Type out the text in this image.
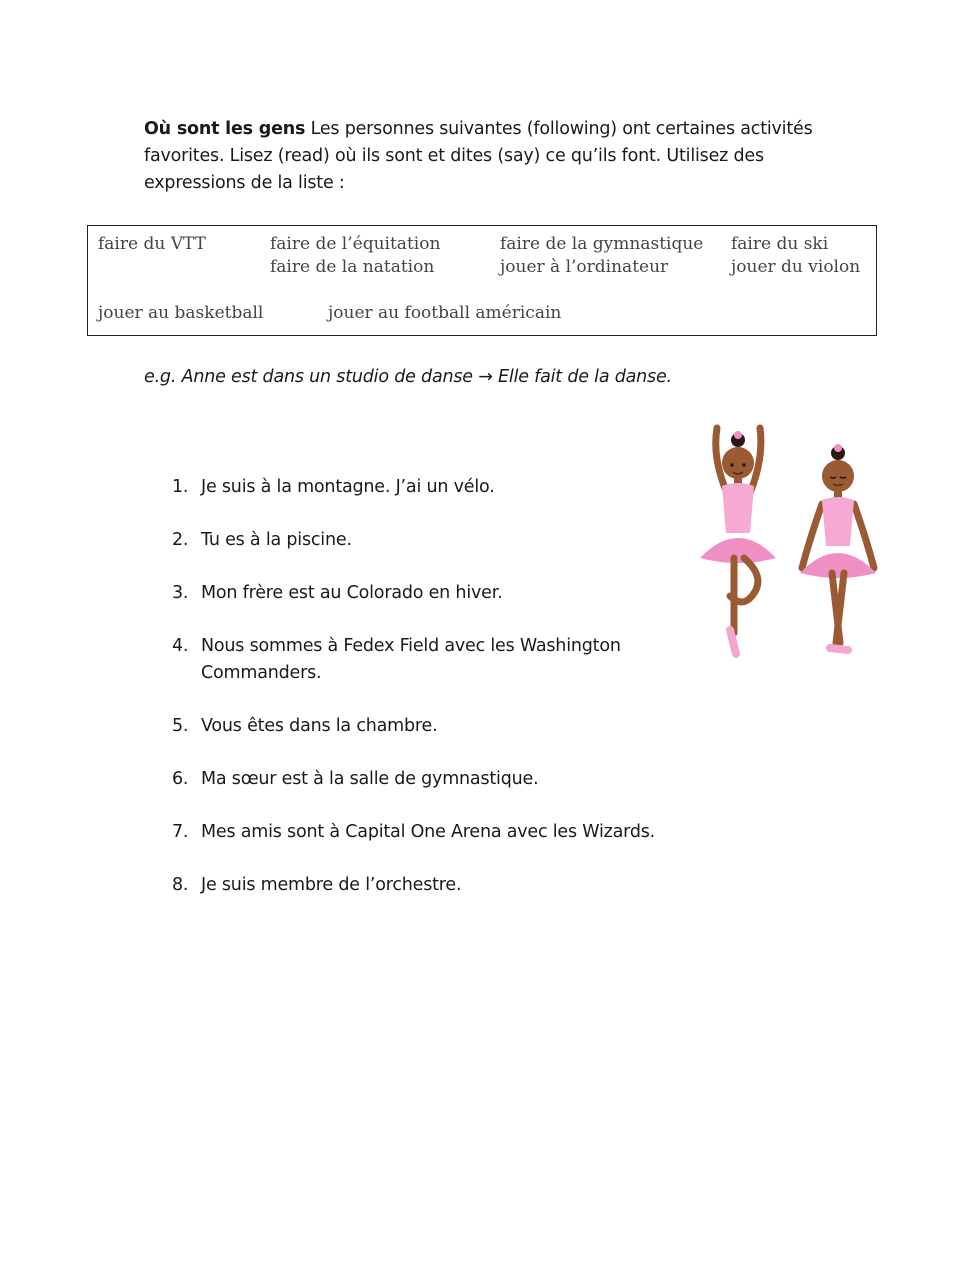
Où sont les gens Les personnes suivantes (following) ont certaines activités favorites. Lisez (read) où ils sont et dites (say) ce qu’ils font. Utilisez des expressions de la liste :
faire du VTT	faire de l’équitation
faire de la natation
faire de la gymnastique
jouer à l’ordinateur
faire du ski
jouer du violon
jouer au basketball	jouer au football américain
e.g. Anne est dans un studio de danse → Elle fait de la danse.
1. Je suis à la montagne. J’ai un vélo.
2. Tu es à la piscine.
3. Mon frère est au Colorado en hiver.
4. Nous sommes à Fedex Field avec les Washington Commanders.
5. Vous êtes dans la chambre.
6. Ma sœur est à la salle de gymnastique.
7. Mes amis sont à Capital One Arena avec les Wizards.
8. Je suis membre de l’orchestre.
